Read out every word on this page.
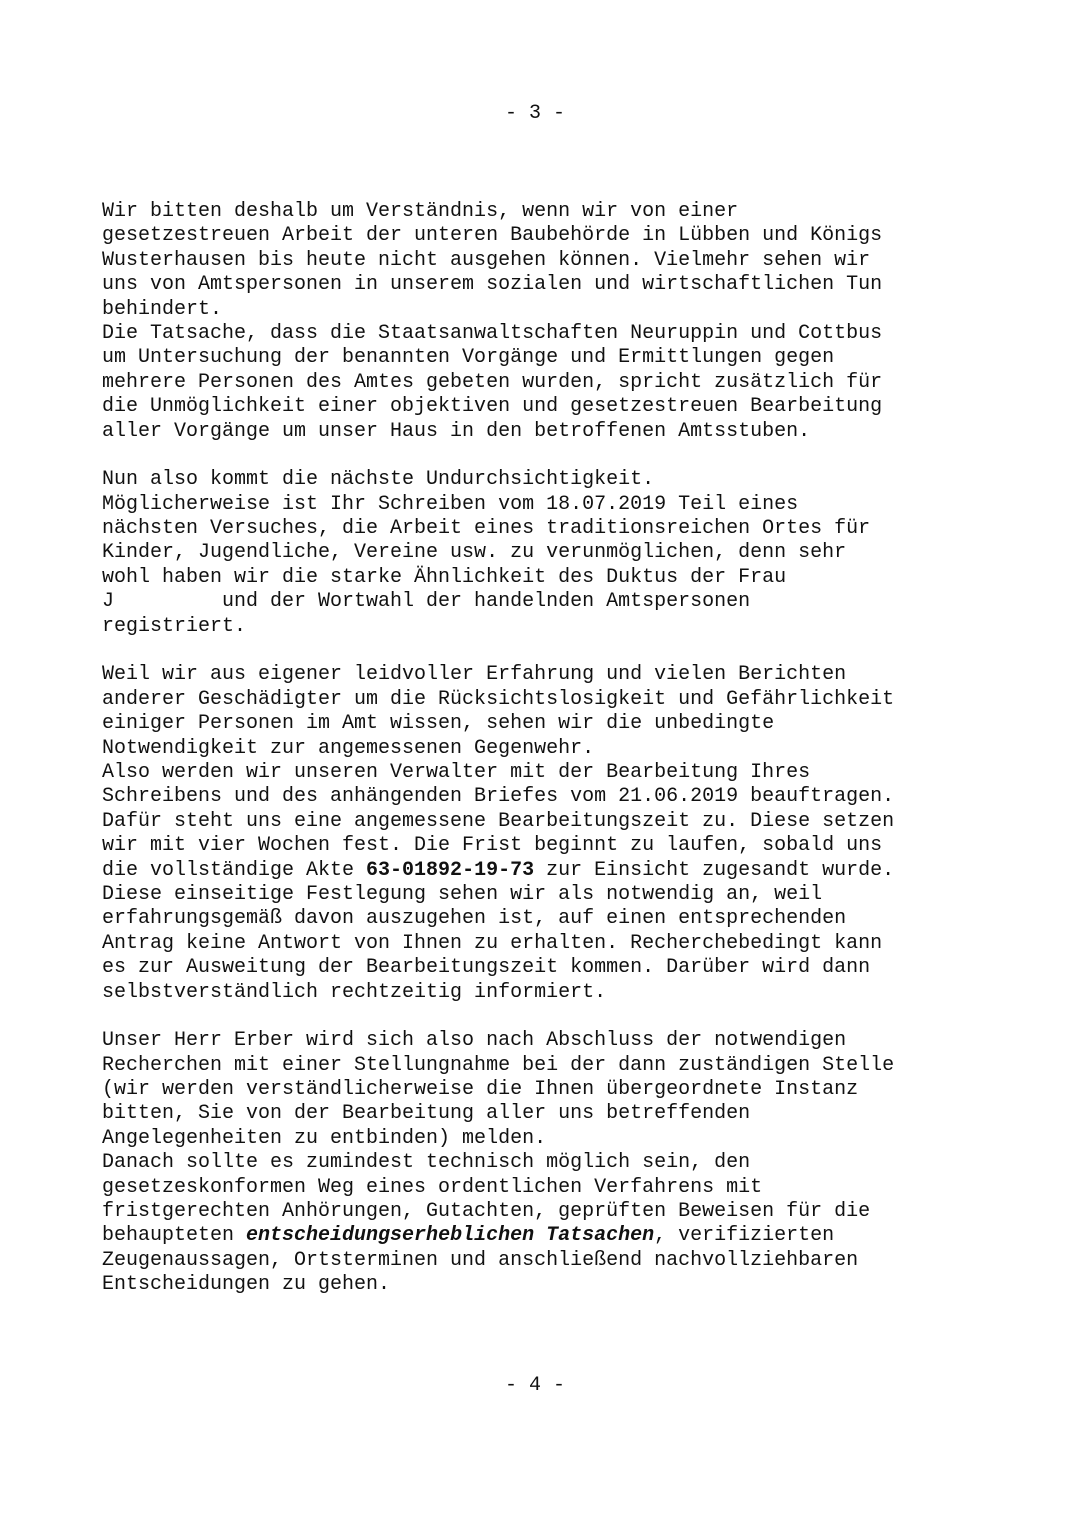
- 3 -
Wir bitten deshalb um Verständnis, wenn wir von einer
gesetzestreuen Arbeit der unteren Baubehörde in Lübben und Königs
Wusterhausen bis heute nicht ausgehen können. Vielmehr sehen wir
uns von Amtspersonen in unserem sozialen und wirtschaftlichen Tun
behindert.
Die Tatsache, dass die Staatsanwaltschaften Neuruppin und Cottbus
um Untersuchung der benannten Vorgänge und Ermittlungen gegen
mehrere Personen des Amtes gebeten wurden, spricht zusätzlich für
die Unmöglichkeit einer objektiven und gesetzestreuen Bearbeitung
aller Vorgänge um unser Haus in den betroffenen Amtsstuben.
Nun also kommt die nächste Undurchsichtigkeit.
Möglicherweise ist Ihr Schreiben vom 18.07.2019 Teil eines
nächsten Versuches, die Arbeit eines traditionsreichen Ortes für
Kinder, Jugendliche, Vereine usw. zu verunmöglichen, denn sehr
wohl haben wir die starke Ähnlichkeit des Duktus der Frau
J         und der Wortwahl der handelnden Amtspersonen
registriert.
Weil wir aus eigener leidvoller Erfahrung und vielen Berichten
anderer Geschädigter um die Rücksichtslosigkeit und Gefährlichkeit
einiger Personen im Amt wissen, sehen wir die unbedingte
Notwendigkeit zur angemessenen Gegenwehr.
Also werden wir unseren Verwalter mit der Bearbeitung Ihres
Schreibens und des anhängenden Briefes vom 21.06.2019 beauftragen.
Dafür steht uns eine angemessene Bearbeitungszeit zu. Diese setzen
wir mit vier Wochen fest. Die Frist beginnt zu laufen, sobald uns
die vollständige Akte 63-01892-19-73 zur Einsicht zugesandt wurde.
Diese einseitige Festlegung sehen wir als notwendig an, weil
erfahrungsgemäß davon auszugehen ist, auf einen entsprechenden
Antrag keine Antwort von Ihnen zu erhalten. Recherchebedingt kann
es zur Ausweitung der Bearbeitungszeit kommen. Darüber wird dann
selbstverständlich rechtzeitig informiert.
Unser Herr Erber wird sich also nach Abschluss der notwendigen
Recherchen mit einer Stellungnahme bei der dann zuständigen Stelle
(wir werden verständlicherweise die Ihnen übergeordnete Instanz
bitten, Sie von der Bearbeitung aller uns betreffenden
Angelegenheiten zu entbinden) melden.
Danach sollte es zumindest technisch möglich sein, den
gesetzeskonformen Weg eines ordentlichen Verfahrens mit
fristgerechten Anhörungen, Gutachten, geprüften Beweisen für die
behaupteten entscheidungserheblichen Tatsachen, verifizierten
Zeugenaussagen, Ortsterminen und anschließend nachvollziehbaren
Entscheidungen zu gehen.
- 4 -
